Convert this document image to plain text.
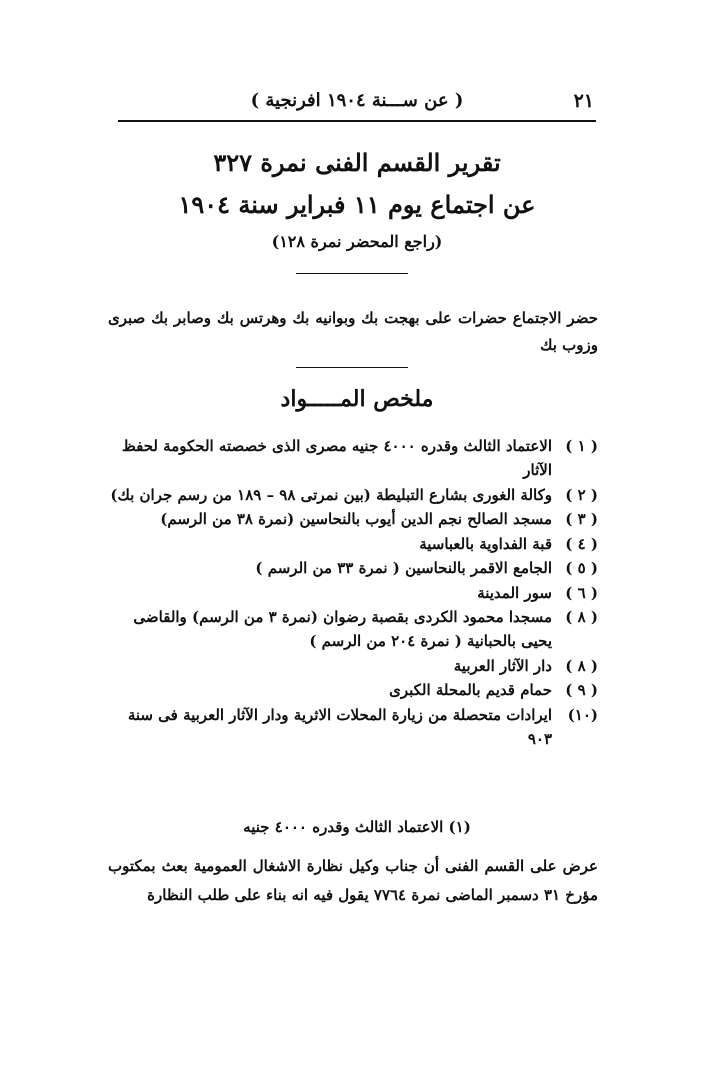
٢١
( عن ســـنة ١٩٠٤ افرنجية )
تقرير القسم الفنى نمرة ٣٢٧
عن اجتماع يوم ١١ فبراير سنة ١٩٠٤

(راجع المحضر نمرة ١٢٨)

حضر الاجتماع حضرات على بهجت بك وبوانيه بك وهرتس بك وصابر بك صبرى وزوب بك

ملخص المـــــواد
( ١ )
الاعتماد الثالث وقدره ٤٠٠٠ جنيه مصرى الذى خصصته الحكومة لحفظ الآثار
( ٢ )
وكالة الغورى بشارع التبليطة (بين نمرتى ٩٨ – ١٨٩ من رسم جران بك)
( ٣ )
مسجد الصالح نجم الدين أيوب بالنحاسين (نمرة ٣٨ من الرسم)
( ٤ )
قبة الفداوية بالعباسية
( ٥ )
الجامع الاقمر بالنحاسين ( نمرة ٣٣ من الرسم )
( ٦ )
سور المدينة
( ٨ )
مسجدا محمود الكردى بقصبة رضوان (نمرة ٣ من الرسم) والقاضى يحيى بالحبانية ( نمرة ٢٠٤ من الرسم )
( ٨ )
دار الآثار العربية
( ٩ )
حمام قديم بالمحلة الكبرى
(١٠)
ايرادات متحصلة من زيارة المحلات الاثرية ودار الآثار العربية فى سنة ٩٠٣
(١) الاعتماد الثالث وقدره ٤٠٠٠ جنيه

عرض على القسم الفنى أن جناب وكيل نظارة الاشغال العمومية بعث بمكتوب مؤرخ ٣١ دسمبر الماضى نمرة ٧٧٦٤ يقول فيه انه بناء على طلب النظارة
